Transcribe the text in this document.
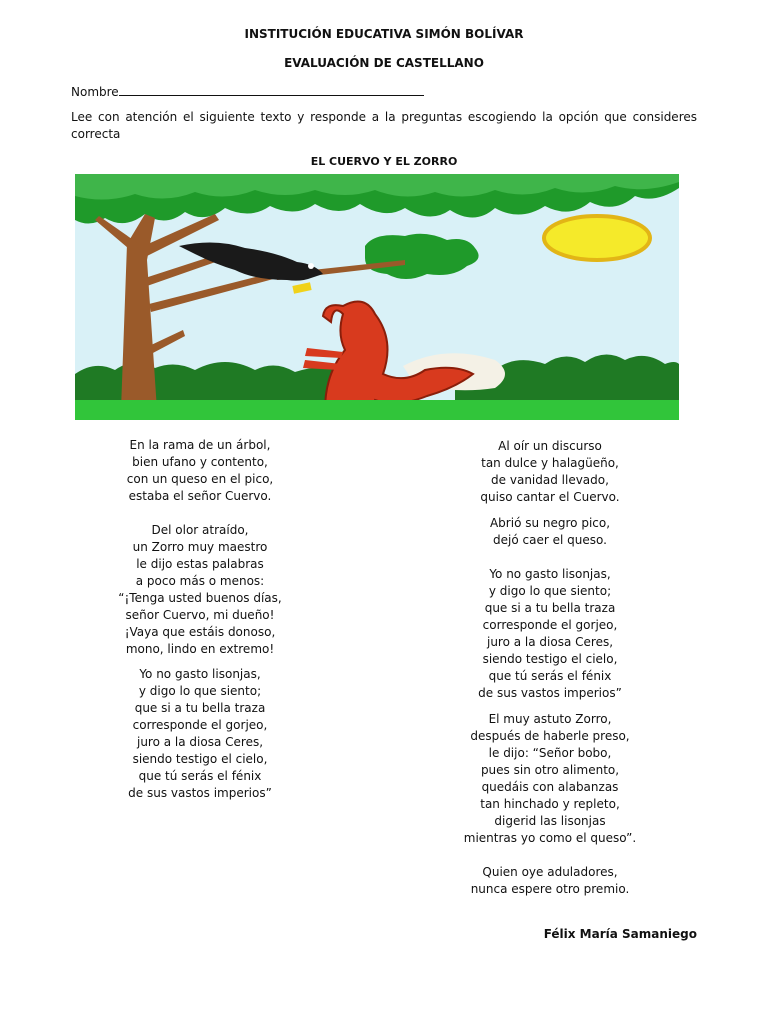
INSTITUCIÓN EDUCATIVA SIMÓN BOLÍVAR
EVALUACIÓN DE CASTELLANO
Nombre
Lee con atención el siguiente texto y responde a la preguntas escogiendo la opción que consideres correcta
EL CUERVO Y EL ZORRO

En la rama de un árbol,
bien ufano y contento,
con un queso en el pico,
estaba el señor Cuervo.

Del olor atraído,
un Zorro muy maestro
le dijo estas palabras
a poco más o menos:
“¡Tenga usted buenos días,
señor Cuervo, mi dueño!
¡Vaya que estáis donoso,
mono, lindo en extremo!

Yo no gasto lisonjas,
y digo lo que siento;
que si a tu bella traza
corresponde el gorjeo,
juro a la diosa Ceres,
siendo testigo el cielo,
que tú serás el fénix
de sus vastos imperios”

Al oír un discurso
tan dulce y halagüeño,
de vanidad llevado,
quiso cantar el Cuervo.

Abrió su negro pico,
dejó caer el queso.

Yo no gasto lisonjas,
y digo lo que siento;
que si a tu bella traza
corresponde el gorjeo,
juro a la diosa Ceres,
siendo testigo el cielo,
que tú serás el fénix
de sus vastos imperios”

El muy astuto Zorro,
después de haberle preso,
le dijo: “Señor bobo,
pues sin otro alimento,
quedáis con alabanzas
tan hinchado y repleto,
digerid las lisonjas
mientras yo como el queso”.

Quien oye aduladores,
nunca espere otro premio.

Félix María Samaniego
